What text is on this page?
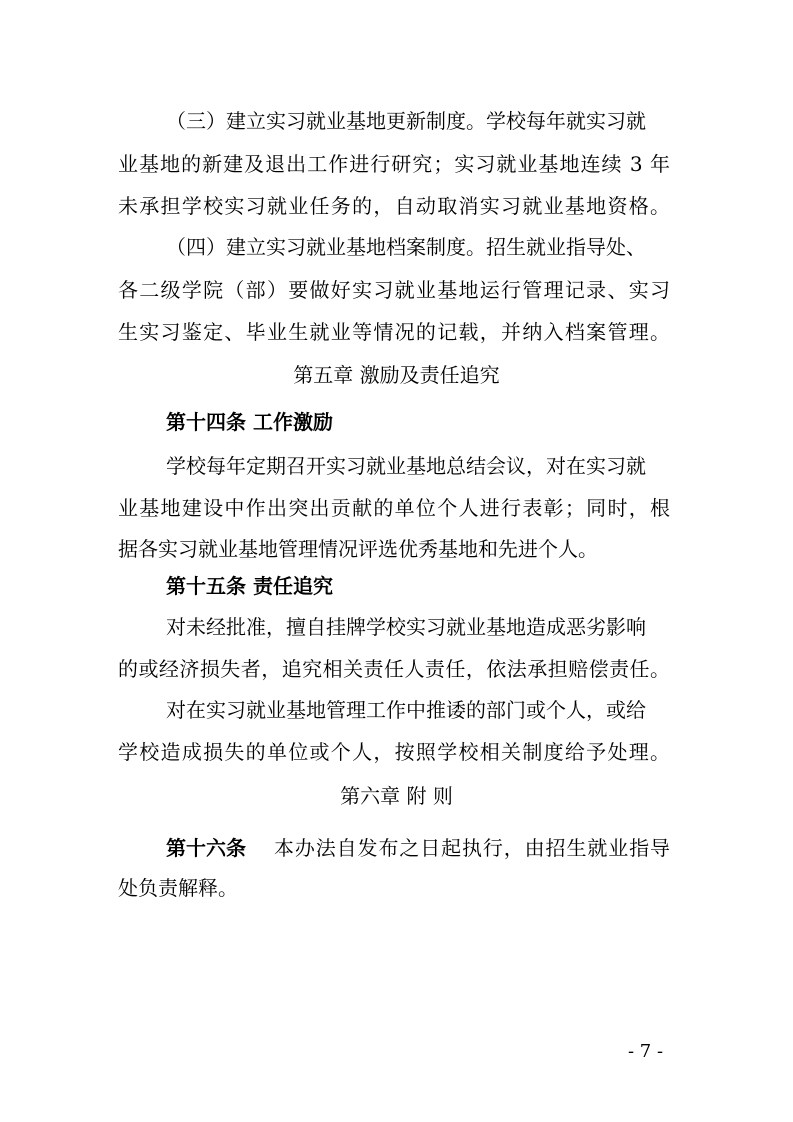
（三）建立实习就业基地更新制度。学校每年就实习就
业基地的新建及退出工作进行研究；实习就业基地连续 3 年
未承担学校实习就业任务的，自动取消实习就业基地资格。
（四）建立实习就业基地档案制度。招生就业指导处、
各二级学院（部）要做好实习就业基地运行管理记录、实习
生实习鉴定、毕业生就业等情况的记载，并纳入档案管理。
第五章 激励及责任追究
第十四条 工作激励
学校每年定期召开实习就业基地总结会议，对在实习就
业基地建设中作出突出贡献的单位个人进行表彰；同时，根
据各实习就业基地管理情况评选优秀基地和先进个人。
第十五条 责任追究
对未经批准，擅自挂牌学校实习就业基地造成恶劣影响
的或经济损失者，追究相关责任人责任，依法承担赔偿责任。
对在实习就业基地管理工作中推诿的部门或个人，或给
学校造成损失的单位或个人，按照学校相关制度给予处理。
第六章 附 则
第十六条 本办法自发布之日起执行，由招生就业指导
处负责解释。
- 7 -
